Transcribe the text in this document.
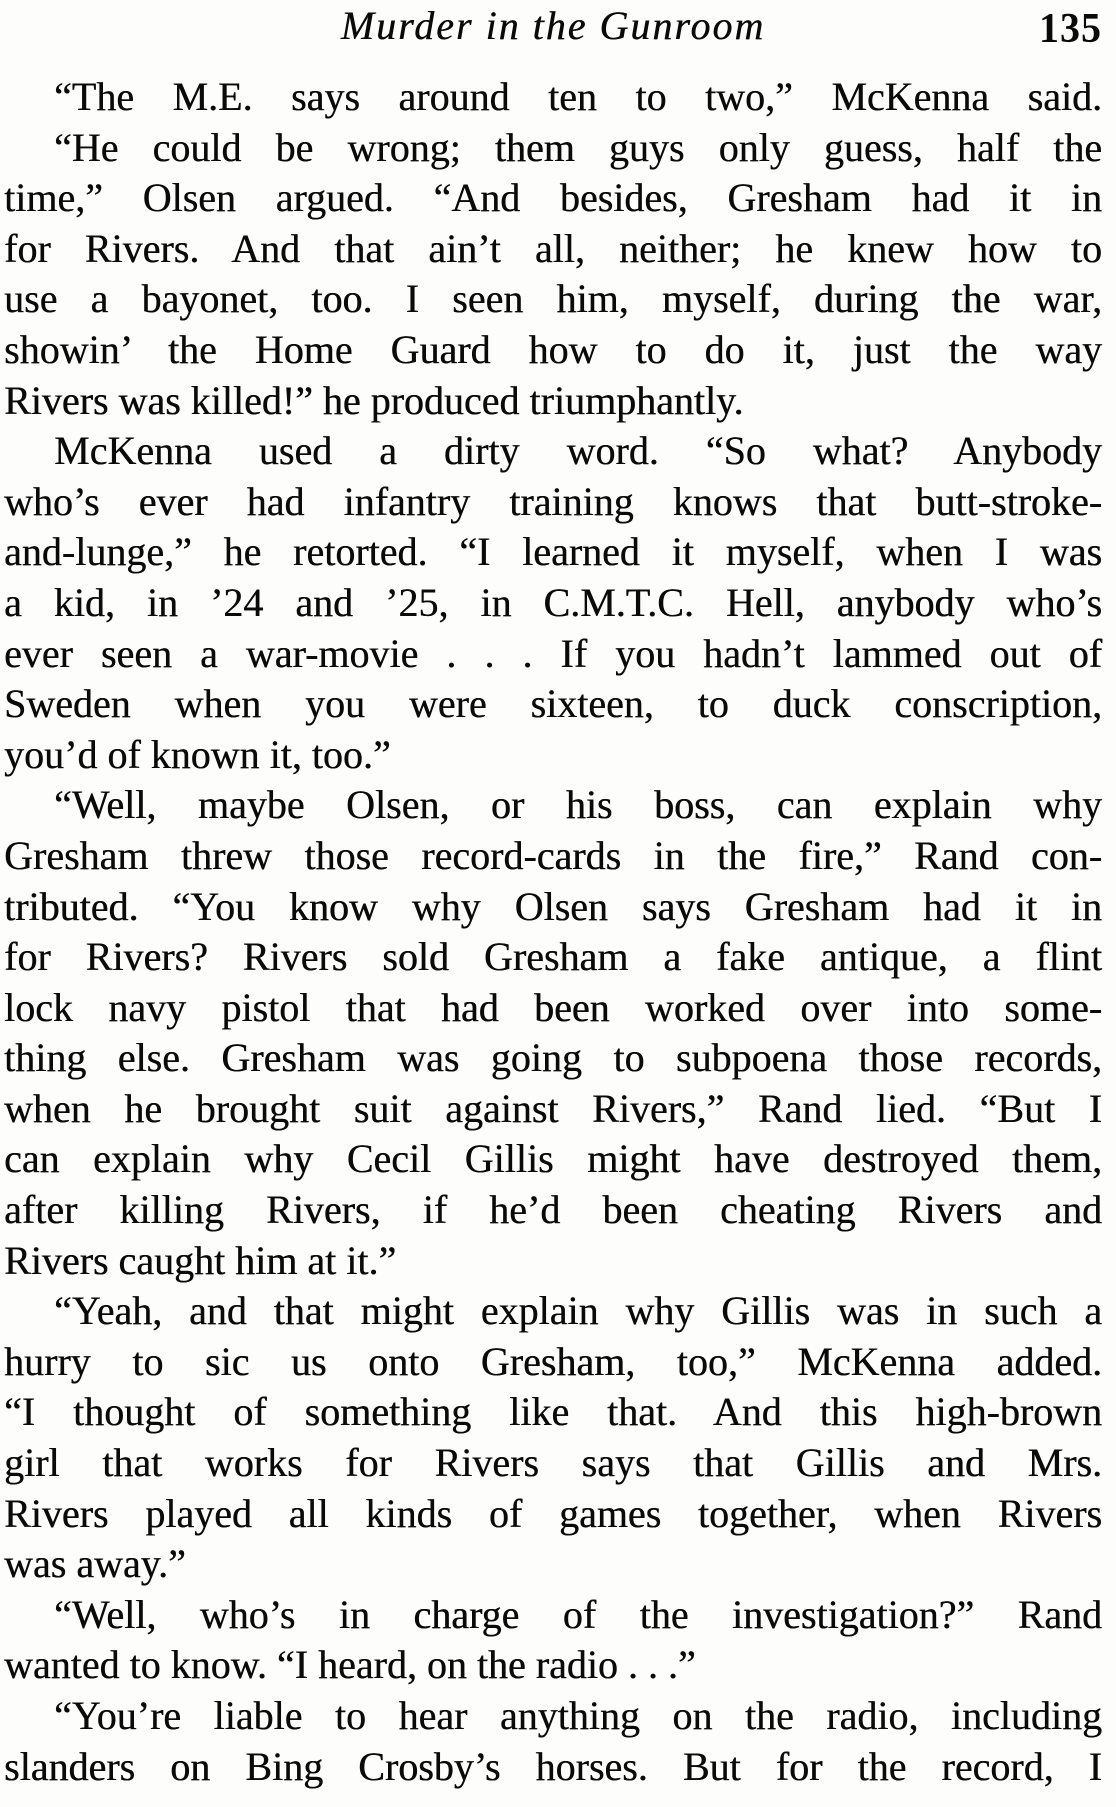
Murder in the Gunroom	135
“The M.E. says around ten to two,” McKenna said.
“He could be wrong; them guys only guess, half the
time,” Olsen argued. “And besides, Gresham had it in
for Rivers. And that ain’t all, neither; he knew how to
use a bayonet, too. I seen him, myself, during the war,
showin’ the Home Guard how to do it, just the way
Rivers was killed!” he produced triumphantly.
McKenna used a dirty word. “So what? Anybody
who’s ever had infantry training knows that butt-stroke-
and-lunge,” he retorted. “I learned it myself, when I was
a kid, in ’24 and ’25, in C.M.T.C. Hell, anybody who’s
ever seen a war-movie . . . If you hadn’t lammed out of
Sweden when you were sixteen, to duck conscription,
you’d of known it, too.”
“Well, maybe Olsen, or his boss, can explain why
Gresham threw those record-cards in the fire,” Rand con-
tributed. “You know why Olsen says Gresham had it in
for Rivers? Rivers sold Gresham a fake antique, a flint
lock navy pistol that had been worked over into some-
thing else. Gresham was going to subpoena those records,
when he brought suit against Rivers,” Rand lied. “But I
can explain why Cecil Gillis might have destroyed them,
after killing Rivers, if he’d been cheating Rivers and
Rivers caught him at it.”
“Yeah, and that might explain why Gillis was in such a
hurry to sic us onto Gresham, too,” McKenna added.
“I thought of something like that. And this high-brown
girl that works for Rivers says that Gillis and Mrs.
Rivers played all kinds of games together, when Rivers
was away.”
“Well, who’s in charge of the investigation?” Rand
wanted to know. “I heard, on the radio . . .”
“You’re liable to hear anything on the radio, including
slanders on Bing Crosby’s horses. But for the record, I
